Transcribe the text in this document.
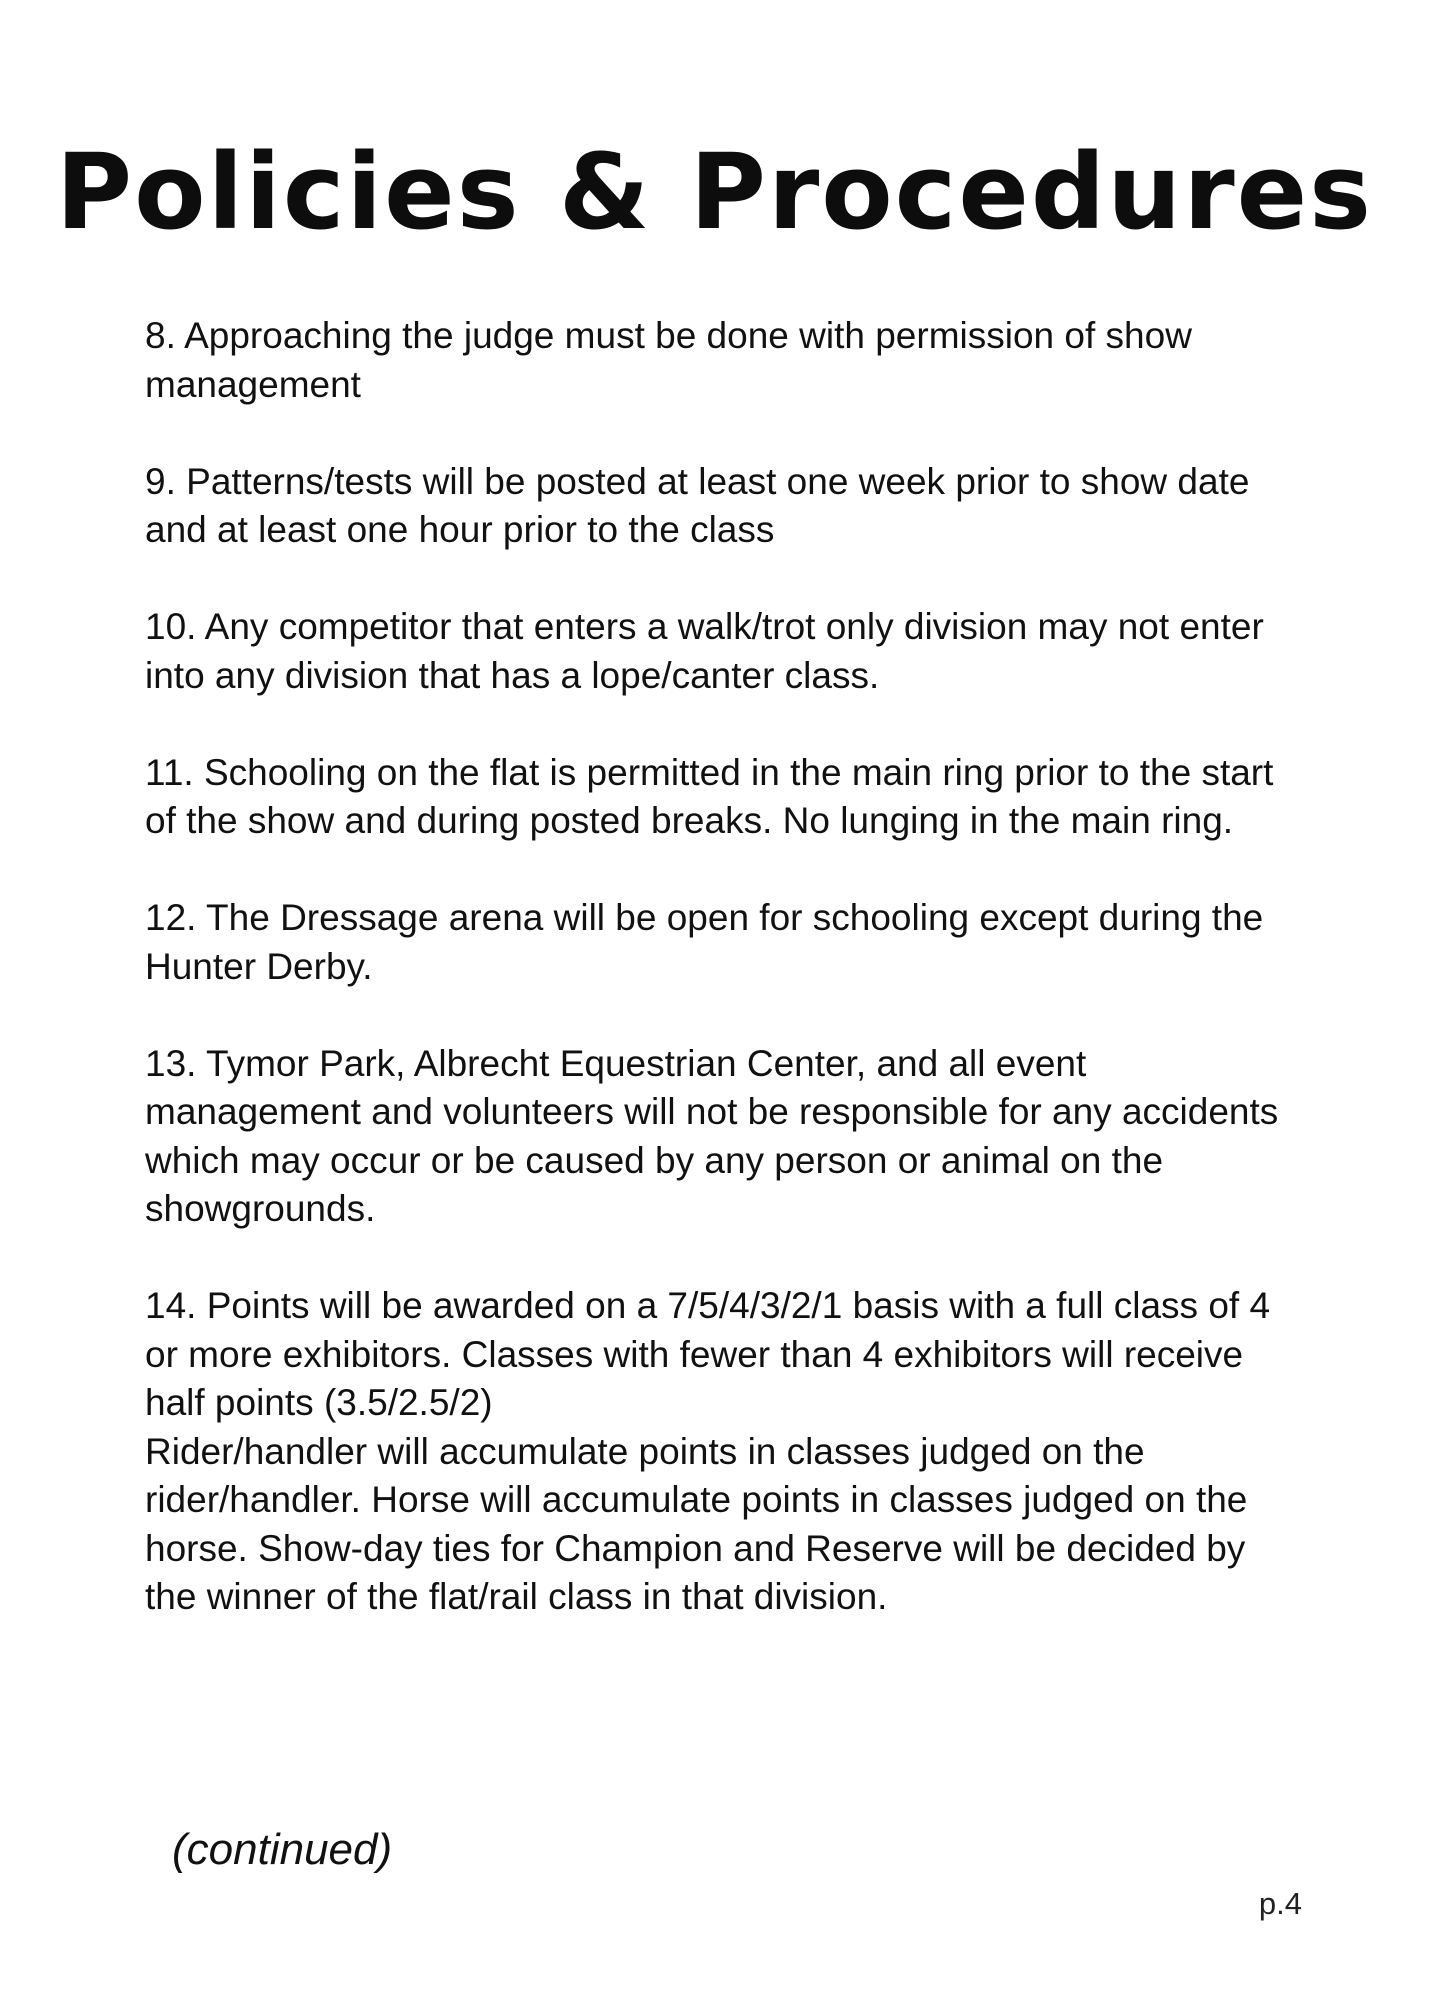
Policies & Procedures

8. Approaching the judge must be done with permission of show management

9. Patterns/tests will be posted at least one week prior to show date and at least one hour prior to the class

10. Any competitor that enters a walk/trot only division may not enter into any division that has a lope/canter class.

11. Schooling on the flat is permitted in the main ring prior to the start of the show and during posted breaks. No lunging in the main ring.

12. The Dressage arena will be open for schooling except during the Hunter Derby.

13. Tymor Park, Albrecht Equestrian Center, and all event management and volunteers will not be responsible for any accidents which may occur or be caused by any person or animal on the showgrounds.

14. Points will be awarded on a 7/5/4/3/2/1 basis with a full class of 4 or more exhibitors. Classes with fewer than 4 exhibitors will receive half points (3.5/2.5/2)

Rider/handler will accumulate points in classes judged on the rider/handler. Horse will accumulate points in classes judged on the horse. Show-day ties for Champion and Reserve will be decided by the winner of the flat/rail class in that division.

(continued)
p.4
